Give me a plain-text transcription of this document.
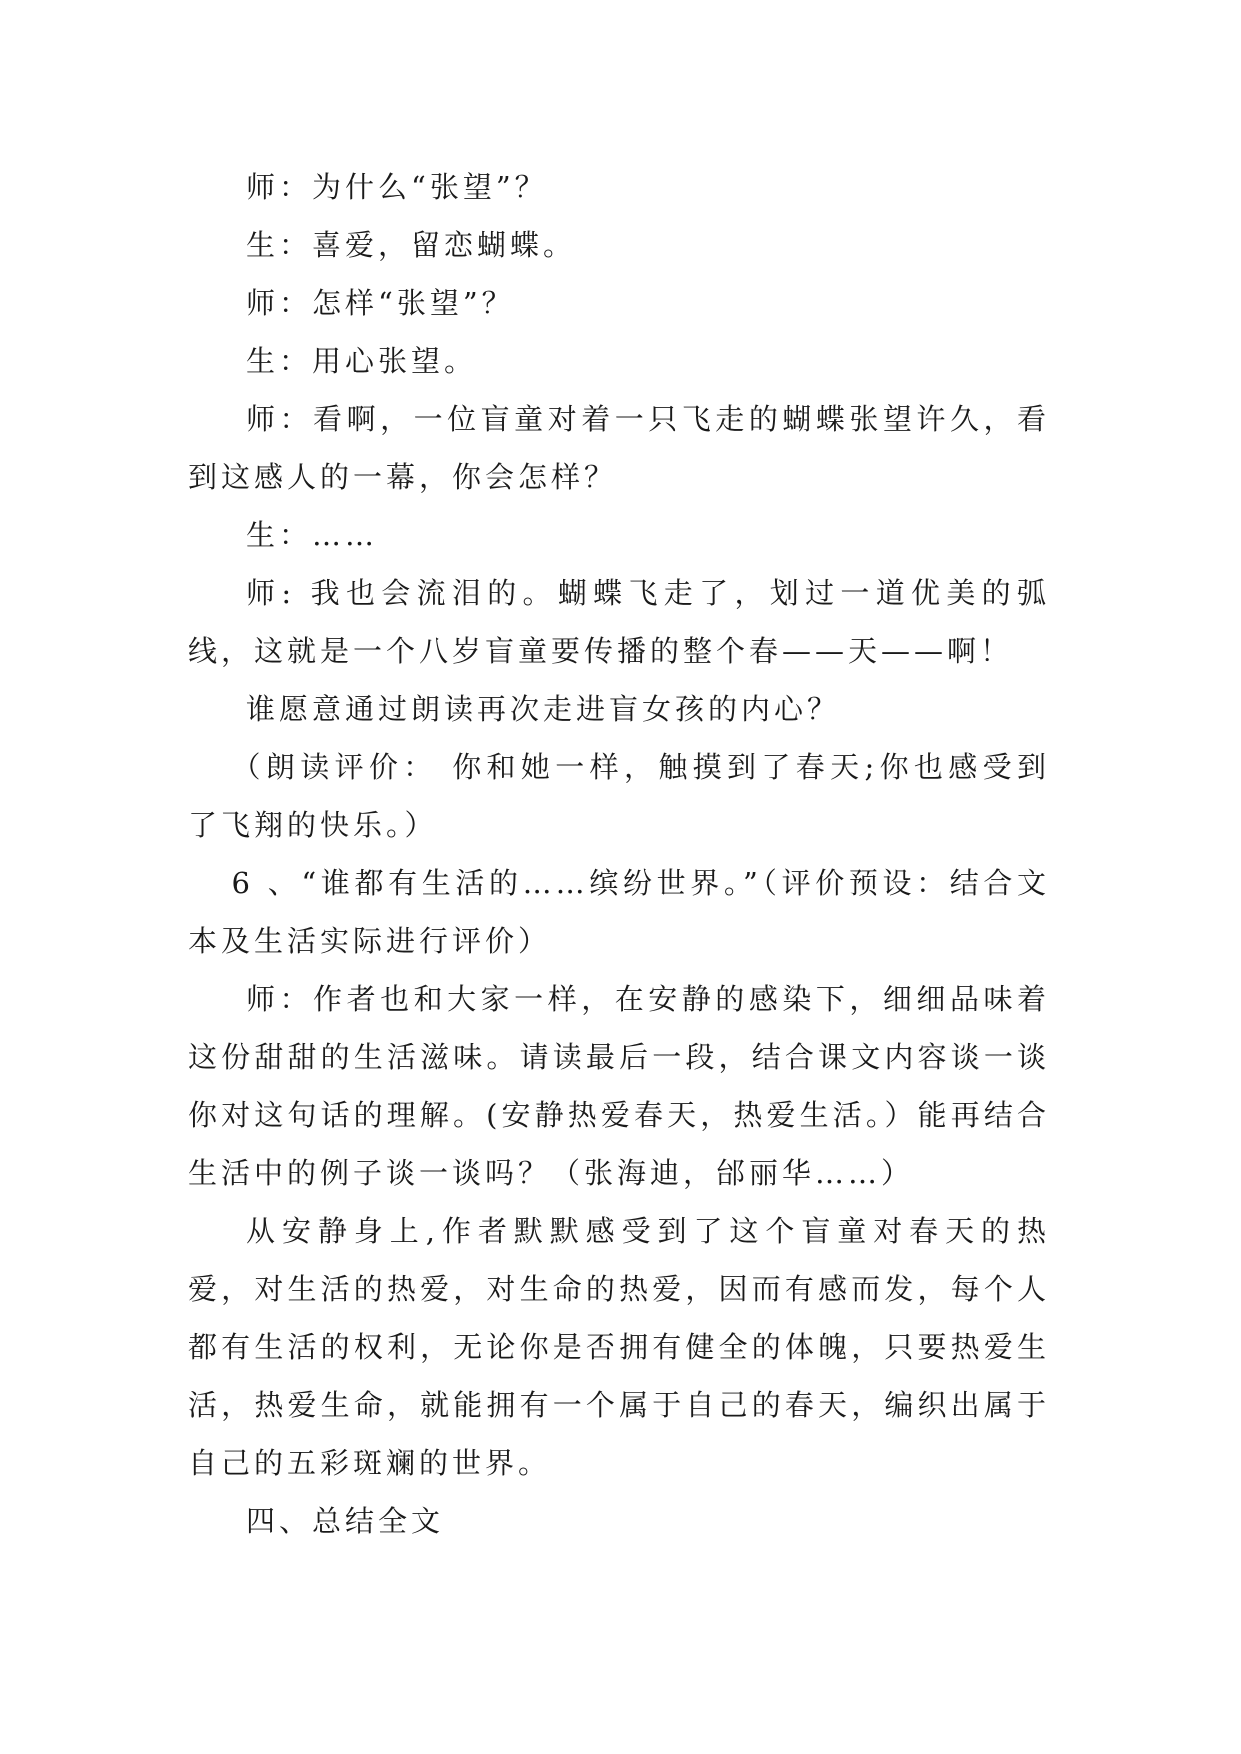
师：为什么“张望”？

生：喜爱，留恋蝴蝶。

师：怎样“张望”？

生：用心张望。

师：看啊，一位盲童对着一只飞走的蝴蝶张望许久，看到这感人的一幕，你会怎样？

生：……

师: 我也会流泪的。蝴蝶飞走了，划过一道优美的弧线，这就是一个八岁盲童要传播的整个春——天——啊！

谁愿意通过朗读再次走进盲女孩的内心？

（朗读评价： 你和她一样，触摸到了春天;你也感受到了飞翔的快乐。）

6 、“谁都有生活的……缤纷世界。”（评价预设：结合文本及生活实际进行评价）

师：作者也和大家一样，在安静的感染下，细细品味着这份甜甜的生活滋味。请读最后一段，结合课文内容谈一谈你对这句话的理解。(安静热爱春天，热爱生活。）能再结合生活中的例子谈一谈吗？（张海迪，邰丽华……）

从安静身上,作者默默感受到了这个盲童对春天的热爱，对生活的热爱，对生命的热爱，因而有感而发，每个人都有生活的权利，无论你是否拥有健全的体魄，只要热爱生活，热爱生命，就能拥有一个属于自己的春天，编织出属于自己的五彩斑斓的世界。

四、总结全文
